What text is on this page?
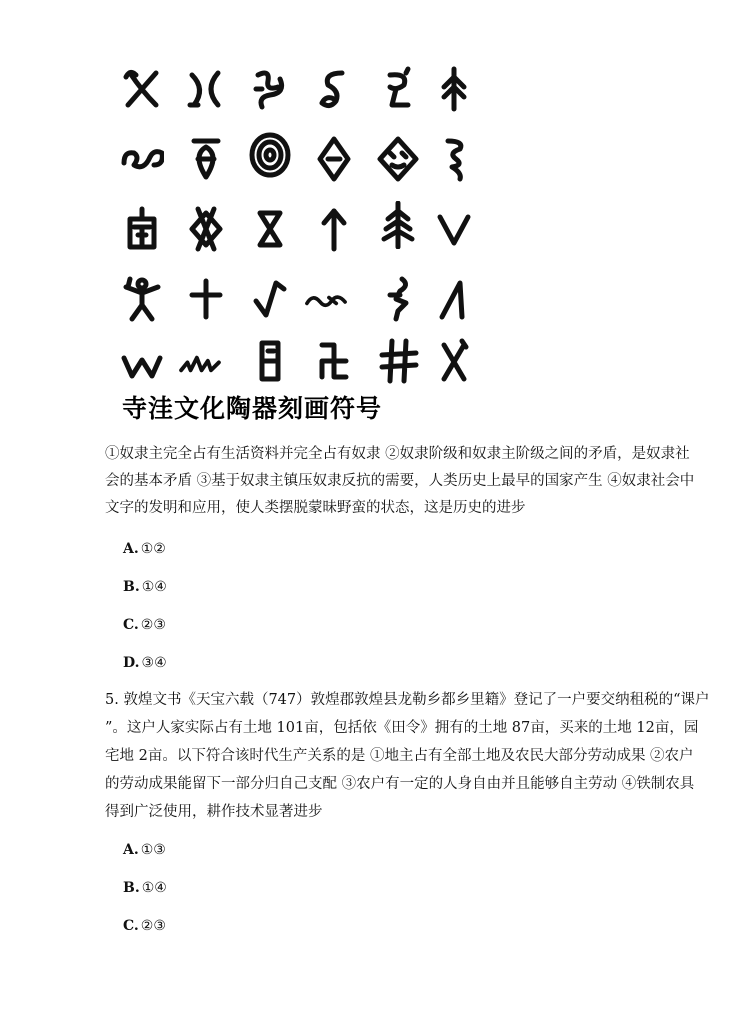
寺洼文化陶器刻画符号
①奴隶主完全占有生活资料并完全占有奴隶 ②奴隶阶级和奴隶主阶级之间的矛盾，是奴隶社
会的基本矛盾 ③基于奴隶主镇压奴隶反抗的需要，人类历史上最早的国家产生 ④奴隶社会中
文字的发明和应用，使人类摆脱蒙昧野蛮的状态，这是历史的进步
A. ①②
B. ①④
C. ②③
D. ③④
5. 敦煌文书《天宝六载（747）敦煌郡敦煌县龙勒乡都乡里籍》登记了一户要交纳租税的“课户
”。这户人家实际占有土地 101亩，包括依《田令》拥有的土地 87亩，买来的土地 12亩，园
宅地 2亩。以下符合该时代生产关系的是 ①地主占有全部土地及农民大部分劳动成果 ②农户
的劳动成果能留下一部分归自己支配 ③农户有一定的人身自由并且能够自主劳动 ④铁制农具
得到广泛使用，耕作技术显著进步
A. ①③
B. ①④
C. ②③
